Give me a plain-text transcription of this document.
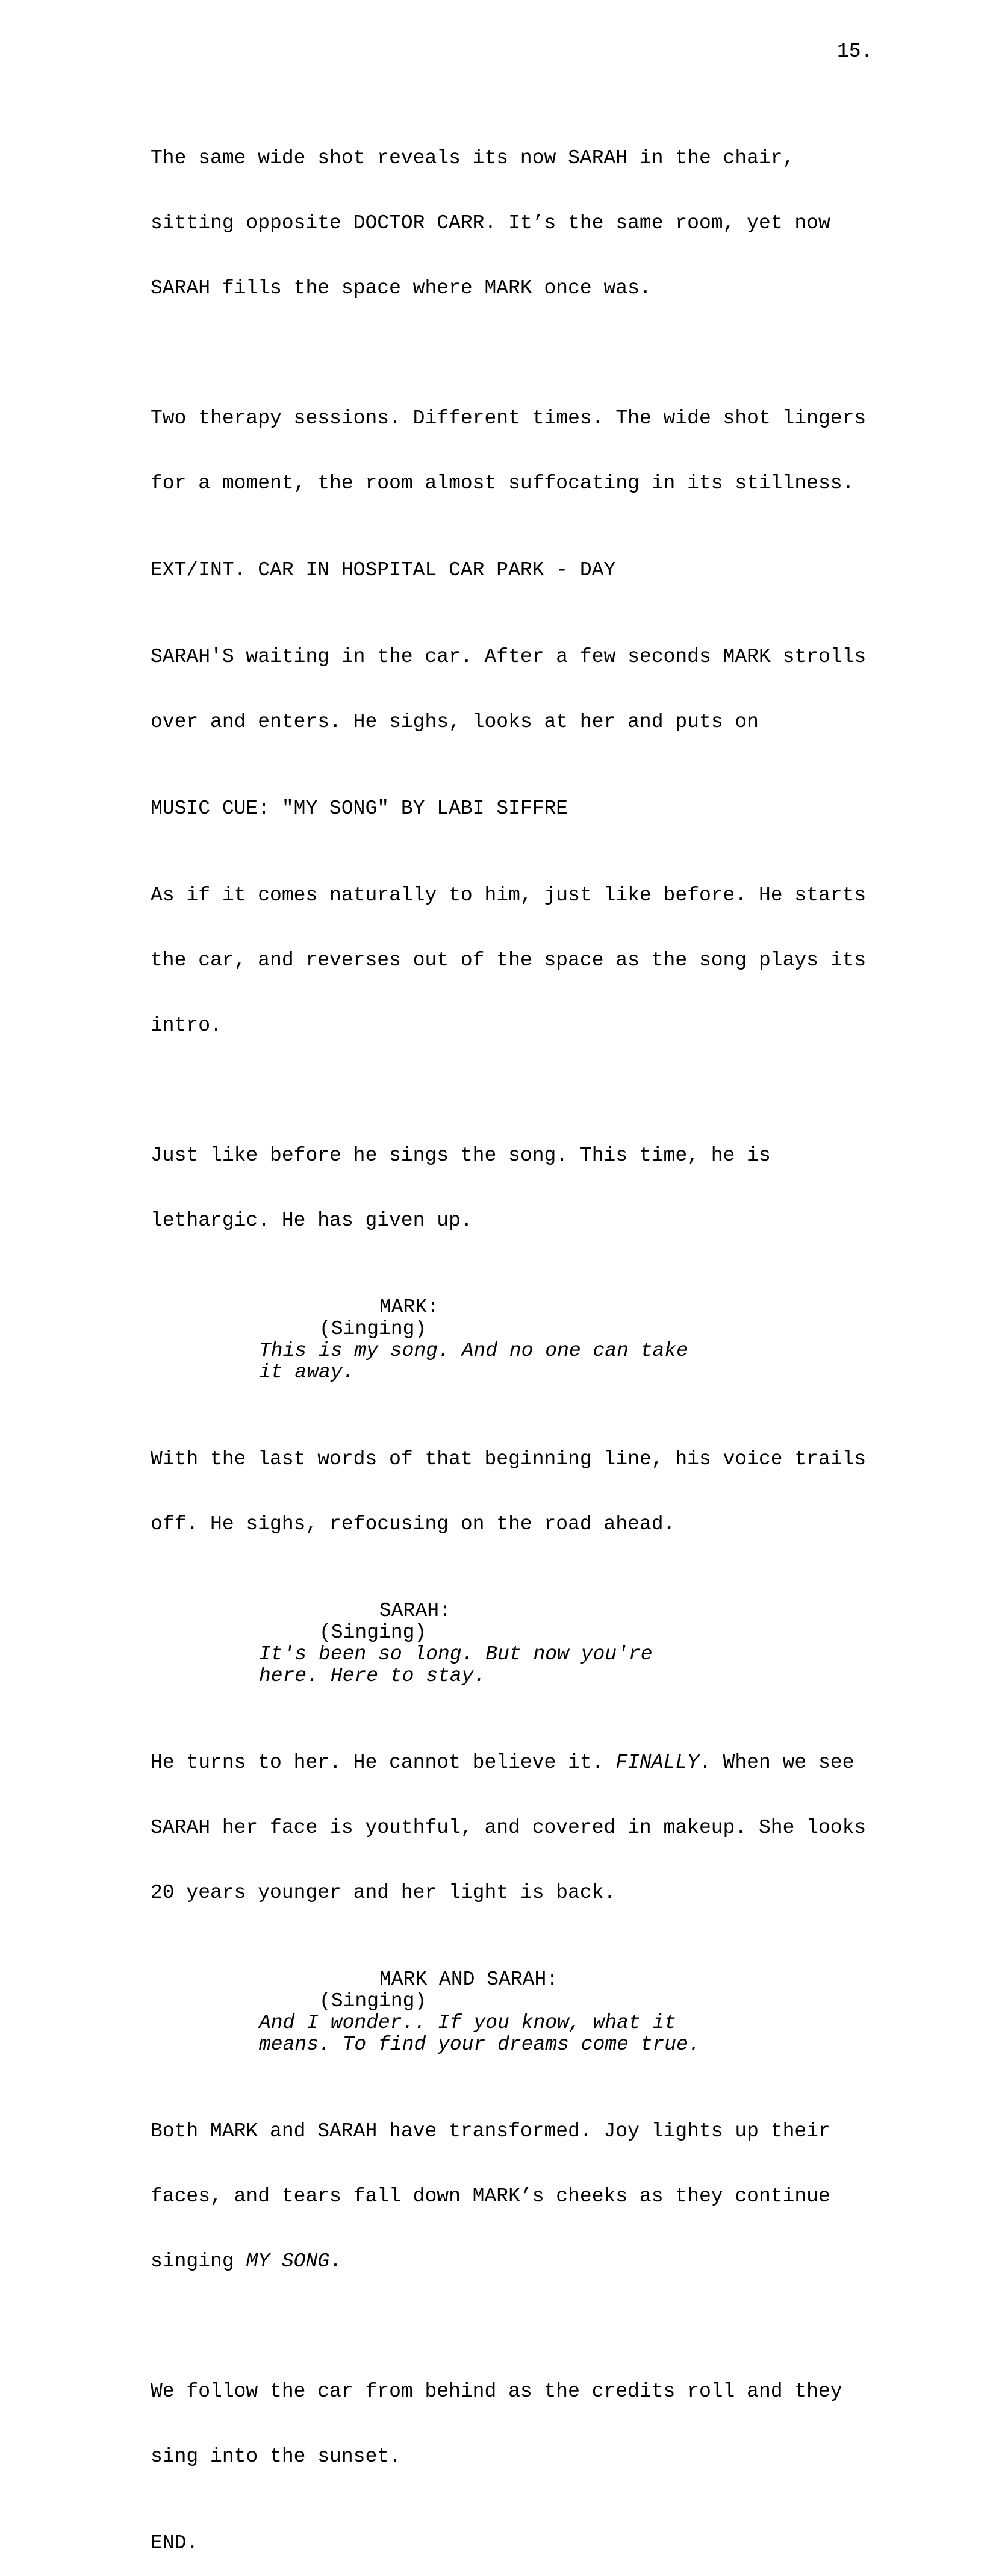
15.

The same wide shot reveals its now SARAH in the chair,

sitting opposite DOCTOR CARR. It’s the same room, yet now

SARAH fills the space where MARK once was.

Two therapy sessions. Different times. The wide shot lingers

for a moment, the room almost suffocating in its stillness.

EXT/INT. CAR IN HOSPITAL CAR PARK - DAY

SARAH'S waiting in the car. After a few seconds MARK strolls

over and enters. He sighs, looks at her and puts on

MUSIC CUE: "MY SONG" BY LABI SIFFRE

As if it comes naturally to him, just like before. He starts

the car, and reverses out of the space as the song plays its

intro.

Just like before he sings the song. This time, he is

lethargic. He has given up.

MARK:
(Singing)
This is my song. And no one can take
it away.

With the last words of that beginning line, his voice trails

off. He sighs, refocusing on the road ahead.

SARAH:
(Singing)
It's been so long. But now you're
here. Here to stay.

He turns to her. He cannot believe it. FINALLY. When we see

SARAH her face is youthful, and covered in makeup. She looks

20 years younger and her light is back.

MARK AND SARAH:
(Singing)
And I wonder.. If you know, what it
means. To find your dreams come true.

Both MARK and SARAH have transformed. Joy lights up their

faces, and tears fall down MARK’s cheeks as they continue

singing MY SONG.

We follow the car from behind as the credits roll and they

sing into the sunset.

END.
